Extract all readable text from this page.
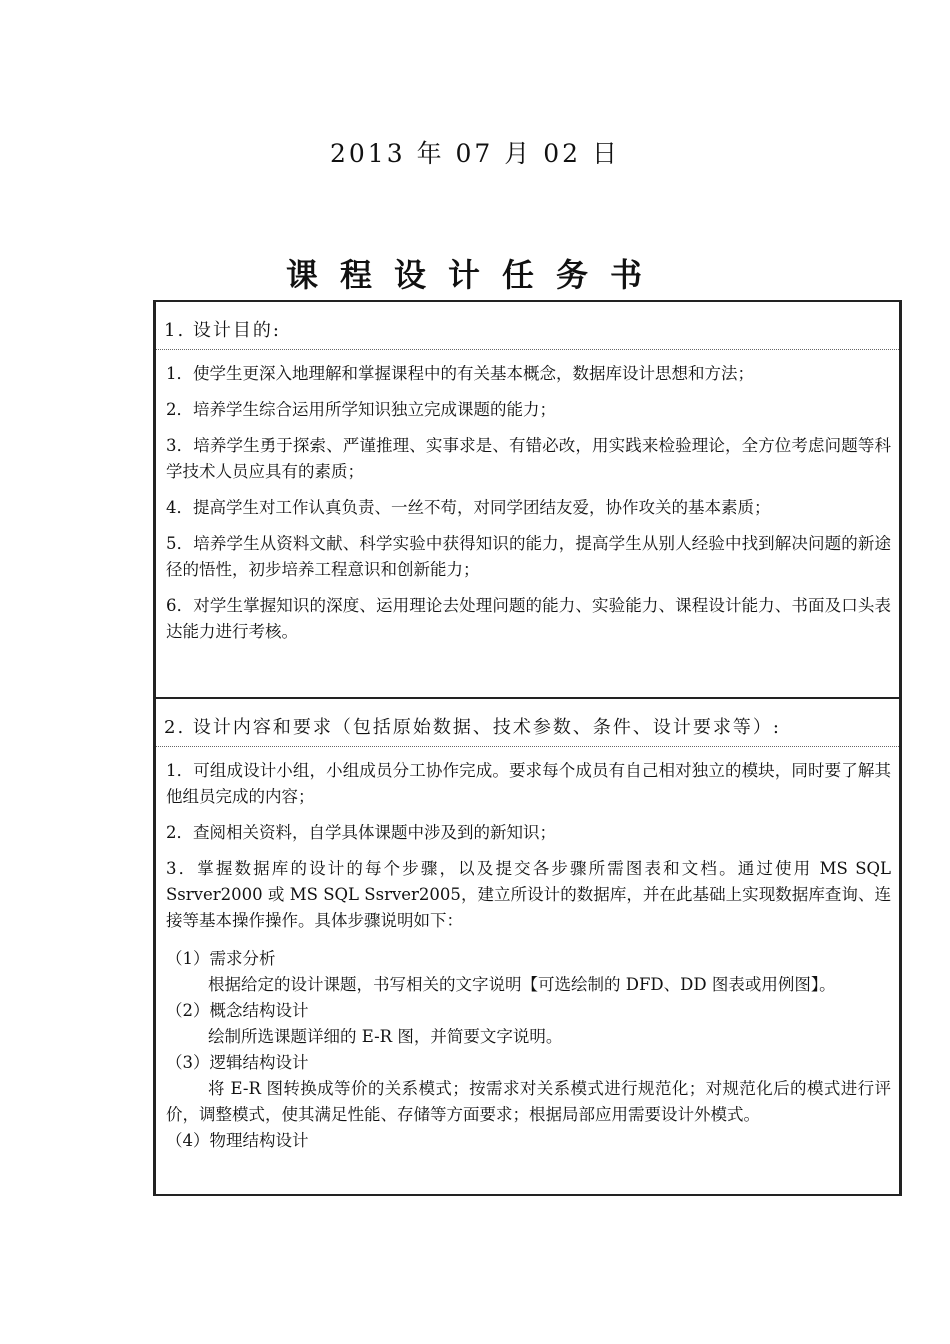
2013 年 07 月 02 日
课程设计任务书
1. 设计目的:

1．使学生更深入地理解和掌握课程中的有关基本概念，数据库设计思想和方法；

2．培养学生综合运用所学知识独立完成课题的能力；

3．培养学生勇于探索、严谨推理、实事求是、有错必改，用实践来检验理论，全方位考虑问题等科学技术人员应具有的素质；

4．提高学生对工作认真负责、一丝不苟，对同学团结友爱，协作攻关的基本素质；

5．培养学生从资料文献、科学实验中获得知识的能力，提高学生从别人经验中找到解决问题的新途径的悟性，初步培养工程意识和创新能力；

6．对学生掌握知识的深度、运用理论去处理问题的能力、实验能力、课程设计能力、书面及口头表达能力进行考核。

2. 设计内容和要求（包括原始数据、技术参数、条件、设计要求等）:

1．可组成设计小组，小组成员分工协作完成。要求每个成员有自己相对独立的模块，同时要了解其他组员完成的内容；

2．查阅相关资料，自学具体课题中涉及到的新知识；

3．掌握数据库的设计的每个步骤，以及提交各步骤所需图表和文档。通过使用 MS SQL Ssrver2000 或 MS SQL Ssrver2005，建立所设计的数据库，并在此基础上实现数据库查询、连接等基本操作操作。具体步骤说明如下：

（1）需求分析

根据给定的设计课题，书写相关的文字说明【可选绘制的 DFD、DD 图表或用例图】。

（2）概念结构设计

绘制所选课题详细的 E-R 图，并简要文字说明。

（3）逻辑结构设计

将 E-R 图转换成等价的关系模式；按需求对关系模式进行规范化；对规范化后的模式进行评价，调整模式，使其满足性能、存储等方面要求；根据局部应用需要设计外模式。

（4）物理结构设计
